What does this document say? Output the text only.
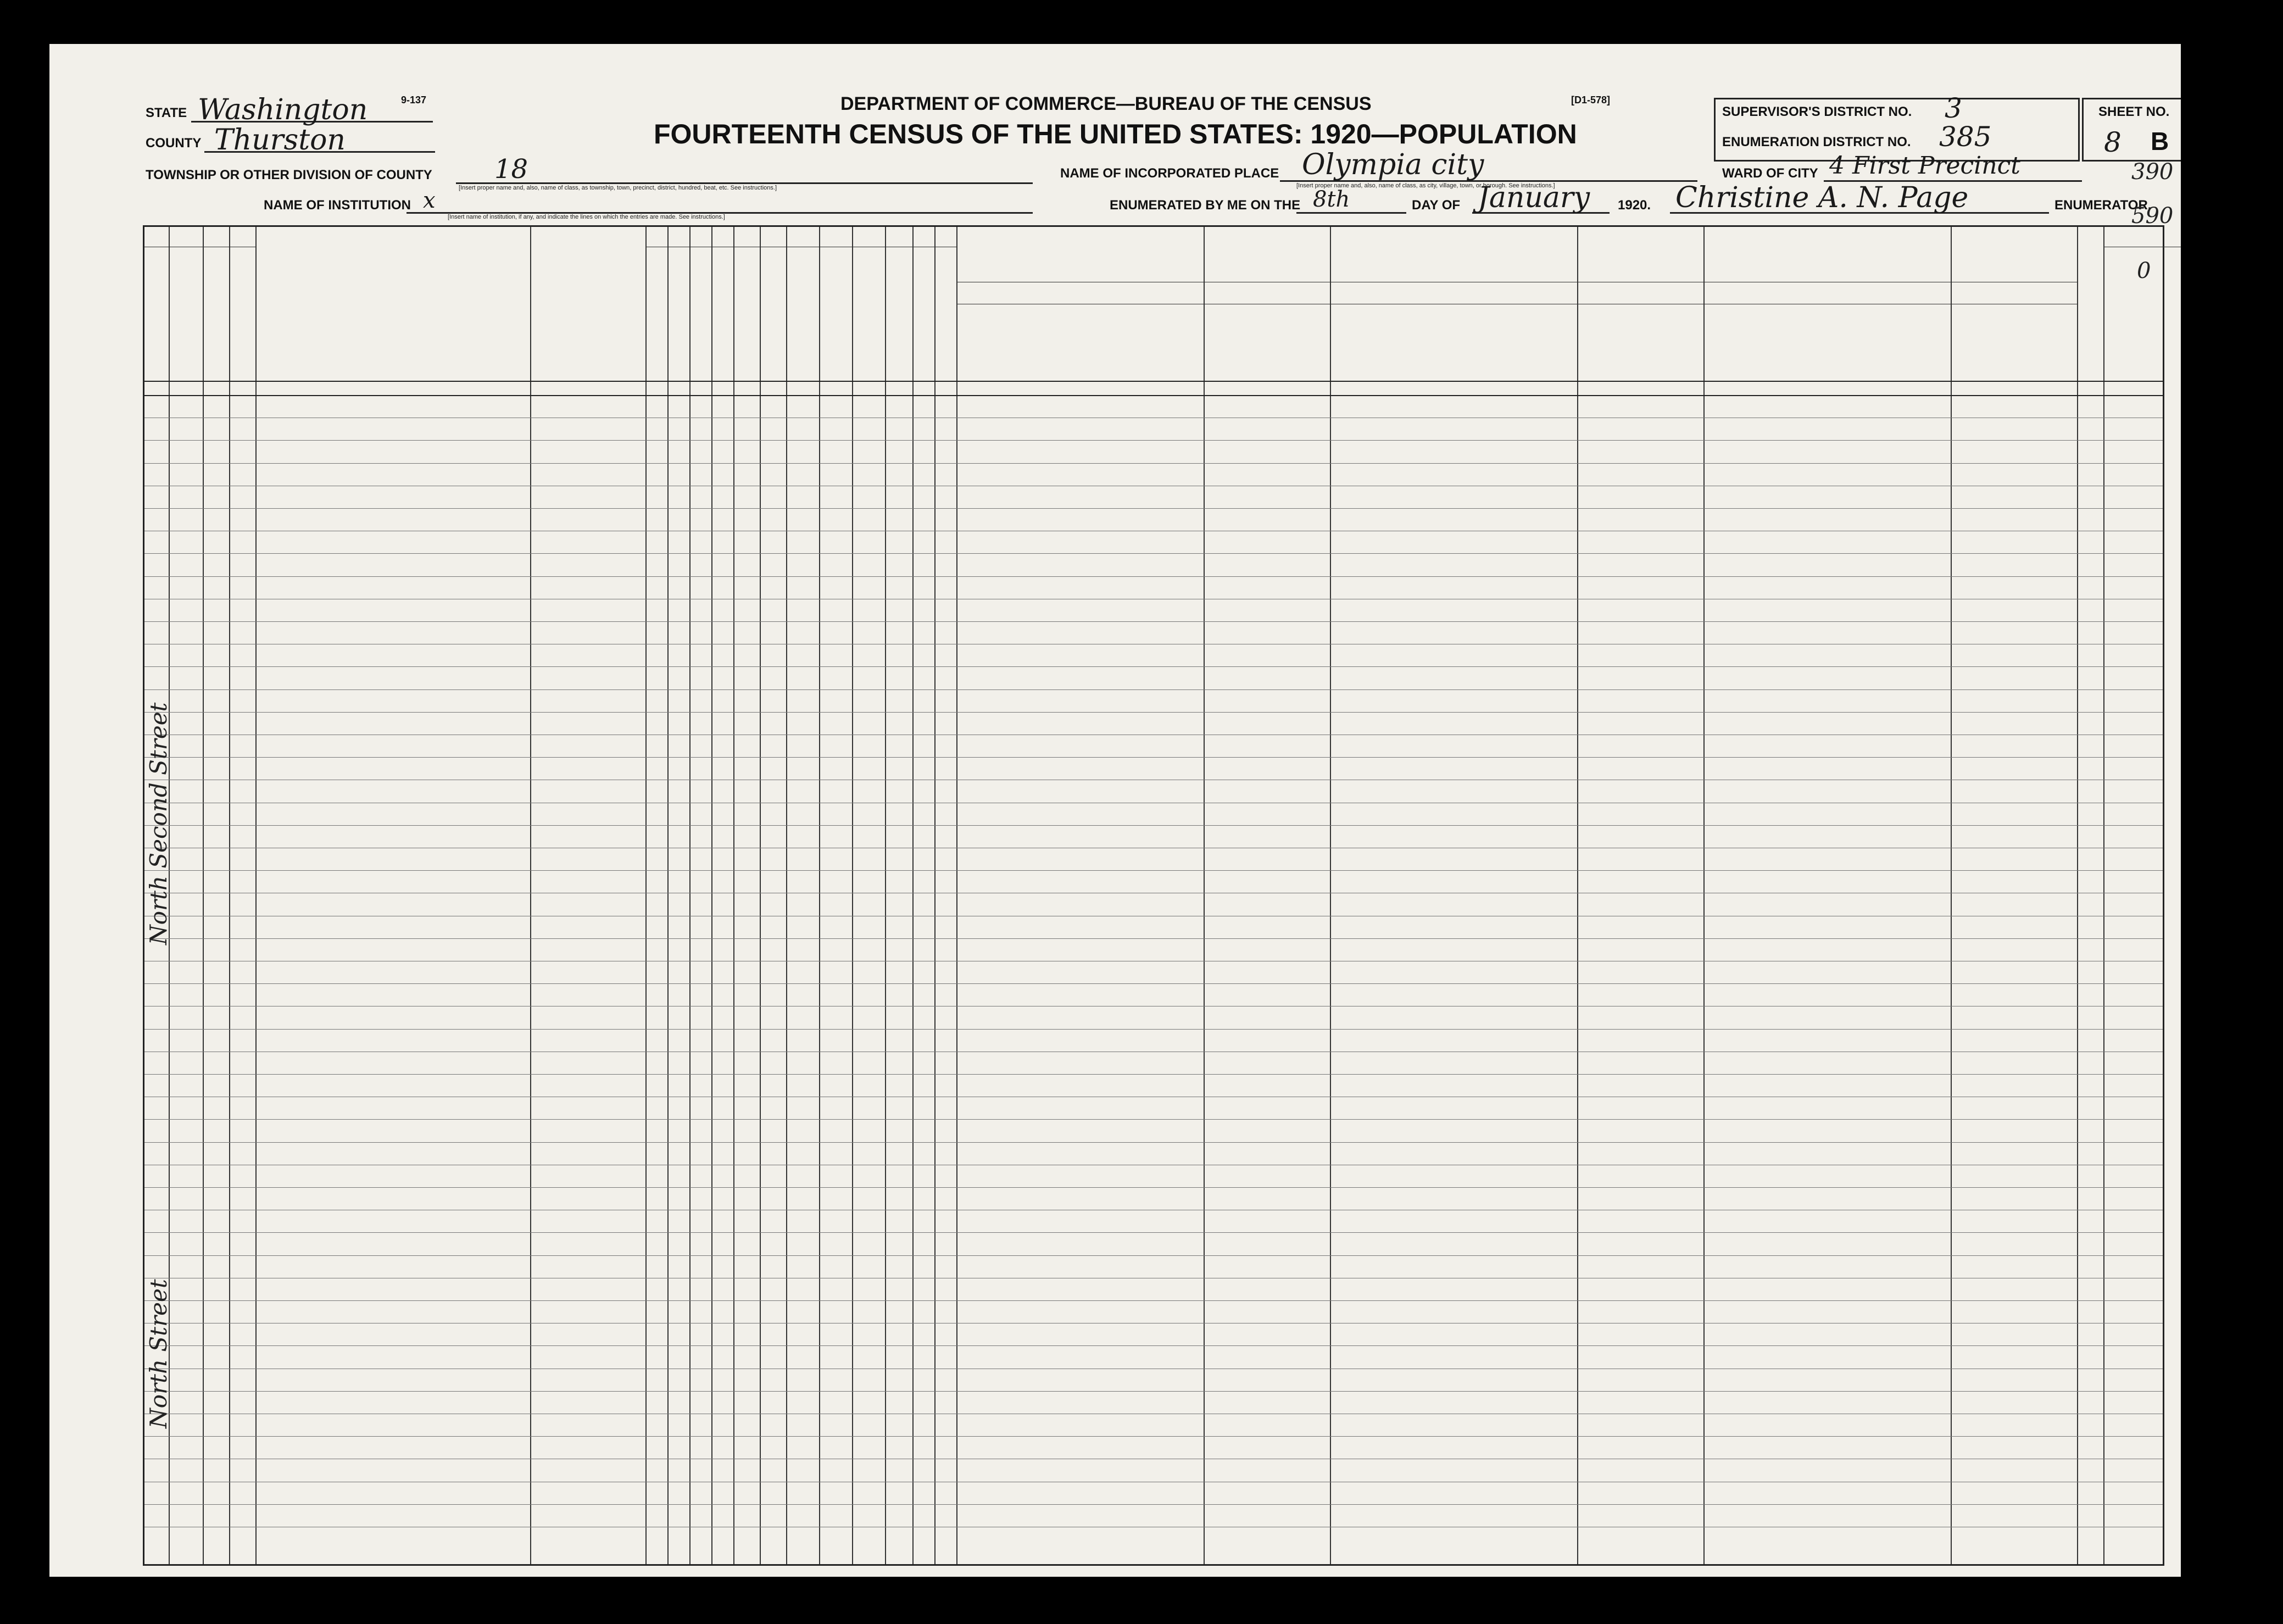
9-137	[D1-578]
DEPARTMENT OF COMMERCE—BUREAU OF THE CENSUS
FOURTEENTH CENSUS OF THE UNITED STATES: 1920—POPULATION
STATE Washington
COUNTY Thurston
TOWNSHIP OR OTHER DIVISION OF COUNTY 18
[Insert proper name and, also, name of class, as township, town, precinct, district, hundred, beat, etc. See instructions.]
NAME OF INSTITUTION x
[Insert name of institution, if any, and indicate the lines on which the entries are made. See instructions.]
NAME OF INCORPORATED PLACE Olympia city
[Insert proper name and, also, name of class, as city, village, town, or borough. See instructions.]
ENUMERATED BY ME ON THE 8th	DAY OF January 1920. Christine A. N. Page	ENUMERATOR.
SUPERVISOR'S DISTRICT NO. 3
ENUMERATION DISTRICT NO. 385
WARD OF CITY 4 First Precinct
SHEET NO.
8 B
390
590
0
North Second Street
North Street
